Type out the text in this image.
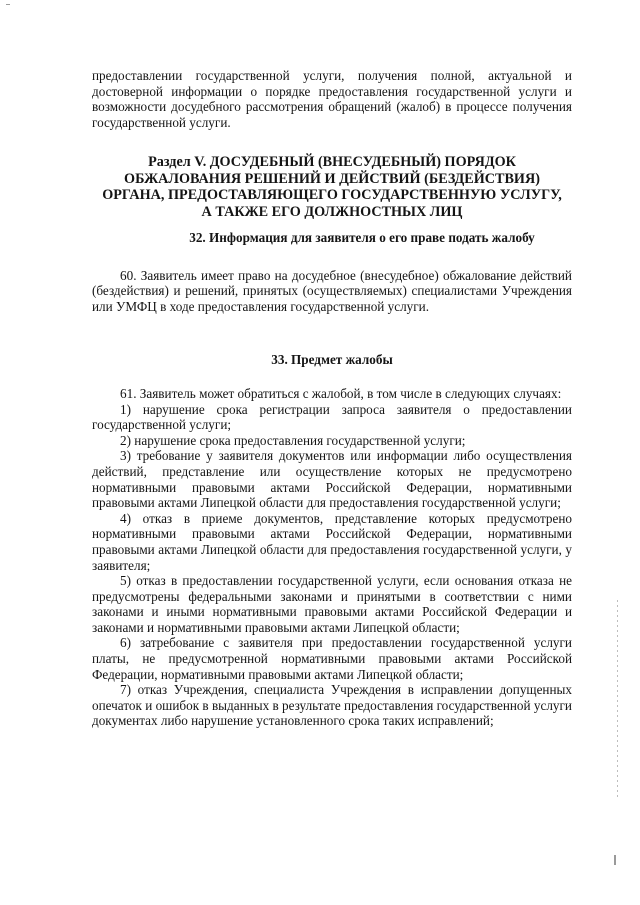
предоставлении государственной услуги, получения полной, актуальной и достоверной информации о порядке предоставления государственной услуги и возможности досудебного рассмотрения обращений (жалоб) в процессе получения государственной услуги.

Раздел V. ДОСУДЕБНЫЙ (ВНЕСУДЕБНЫЙ) ПОРЯДОК
ОБЖАЛОВАНИЯ РЕШЕНИЙ И ДЕЙСТВИЙ (БЕЗДЕЙСТВИЯ)
ОРГАНА, ПРЕДОСТАВЛЯЮЩЕГО ГОСУДАРСТВЕННУЮ УСЛУГУ,
А ТАКЖЕ ЕГО ДОЛЖНОСТНЫХ ЛИЦ
32. Информация для заявителя о его праве подать жалобу

60. Заявитель имеет право на досудебное (внесудебное) обжалование действий (бездействия) и решений, принятых (осуществляемых) специалистами Учреждения или УМФЦ в ходе предоставления государственной услуги.

33. Предмет жалобы

61. Заявитель может обратиться с жалобой, в том числе в следующих случаях:

1) нарушение срока регистрации запроса заявителя о предоставлении государственной услуги;

2) нарушение срока предоставления государственной услуги;

3) требование у заявителя документов или информации либо осуществления действий, представление или осуществление которых не предусмотрено нормативными правовыми актами Российской Федерации, нормативными правовыми актами Липецкой области для предоставления государственной услуги;

4) отказ в приеме документов, представление которых предусмотрено нормативными правовыми актами Российской Федерации, нормативными правовыми актами Липецкой области для предоставления государственной услуги, у заявителя;

5) отказ в предоставлении государственной услуги, если основания отказа не предусмотрены федеральными законами и принятыми в соответствии с ними законами и иными нормативными правовыми актами Российской Федерации и законами и нормативными правовыми актами Липецкой области;

6) затребование с заявителя при предоставлении государственной услуги платы, не предусмотренной нормативными правовыми актами Российской Федерации, нормативными правовыми актами Липецкой области;

7) отказ Учреждения, специалиста Учреждения в исправлении допущенных опечаток и ошибок в выданных в результате предоставления государственной услуги документах либо нарушение установленного срока таких исправлений;
